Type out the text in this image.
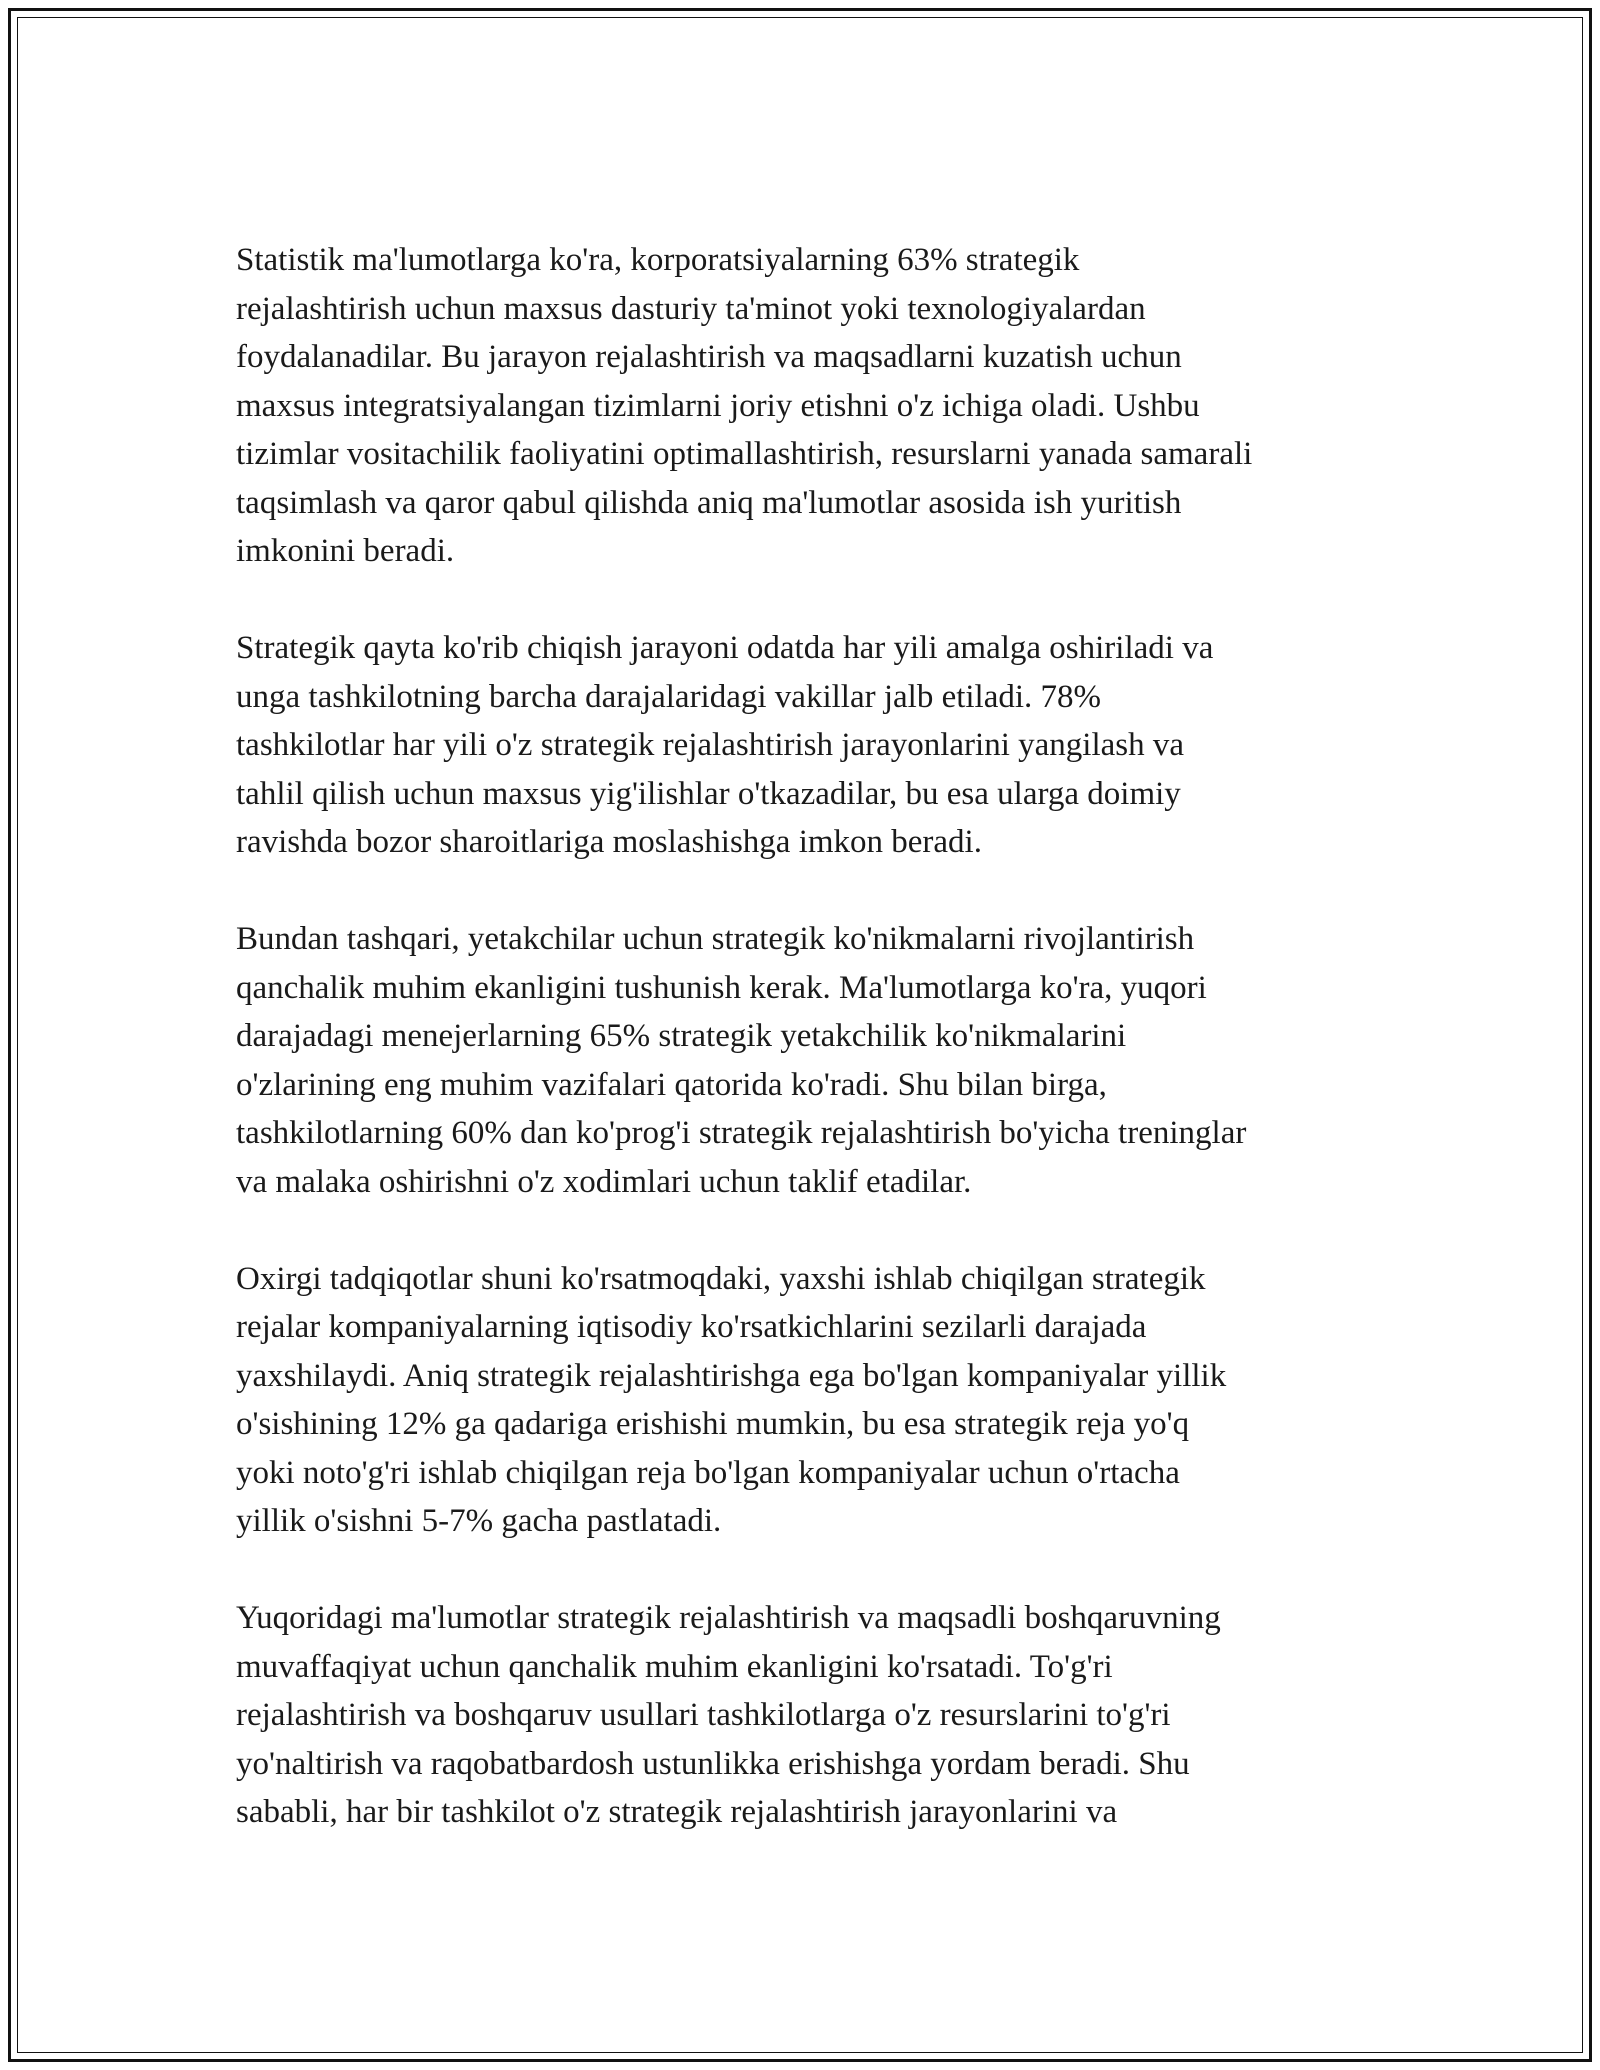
Statistik ma'lumotlarga ko'ra, korporatsiyalarning 63% strategik
rejalashtirish uchun maxsus dasturiy ta'minot yoki texnologiyalardan
foydalanadilar. Bu jarayon rejalashtirish va maqsadlarni kuzatish uchun
maxsus integratsiyalangan tizimlarni joriy etishni o'z ichiga oladi. Ushbu
tizimlar vositachilik faoliyatini optimallashtirish, resurslarni yanada samarali
taqsimlash va qaror qabul qilishda aniq ma'lumotlar asosida ish yuritish
imkonini beradi.

Strategik qayta ko'rib chiqish jarayoni odatda har yili amalga oshiriladi va
unga tashkilotning barcha darajalaridagi vakillar jalb etiladi. 78%
tashkilotlar har yili o'z strategik rejalashtirish jarayonlarini yangilash va
tahlil qilish uchun maxsus yig'ilishlar o'tkazadilar, bu esa ularga doimiy
ravishda bozor sharoitlariga moslashishga imkon beradi.

Bundan tashqari, yetakchilar uchun strategik ko'nikmalarni rivojlantirish
qanchalik muhim ekanligini tushunish kerak. Ma'lumotlarga ko'ra, yuqori
darajadagi menejerlarning 65% strategik yetakchilik ko'nikmalarini
o'zlarining eng muhim vazifalari qatorida ko'radi. Shu bilan birga,
tashkilotlarning 60% dan ko'prog'i strategik rejalashtirish bo'yicha treninglar
va malaka oshirishni o'z xodimlari uchun taklif etadilar.

Oxirgi tadqiqotlar shuni ko'rsatmoqdaki, yaxshi ishlab chiqilgan strategik
rejalar kompaniyalarning iqtisodiy ko'rsatkichlarini sezilarli darajada
yaxshilaydi. Aniq strategik rejalashtirishga ega bo'lgan kompaniyalar yillik
o'sishining 12% ga qadariga erishishi mumkin, bu esa strategik reja yo'q
yoki noto'g'ri ishlab chiqilgan reja bo'lgan kompaniyalar uchun o'rtacha
yillik o'sishni 5-7% gacha pastlatadi.

Yuqoridagi ma'lumotlar strategik rejalashtirish va maqsadli boshqaruvning
muvaffaqiyat uchun qanchalik muhim ekanligini ko'rsatadi. To'g'ri
rejalashtirish va boshqaruv usullari tashkilotlarga o'z resurslarini to'g'ri
yo'naltirish va raqobatbardosh ustunlikka erishishga yordam beradi. Shu
sababli, har bir tashkilot o'z strategik rejalashtirish jarayonlarini va
